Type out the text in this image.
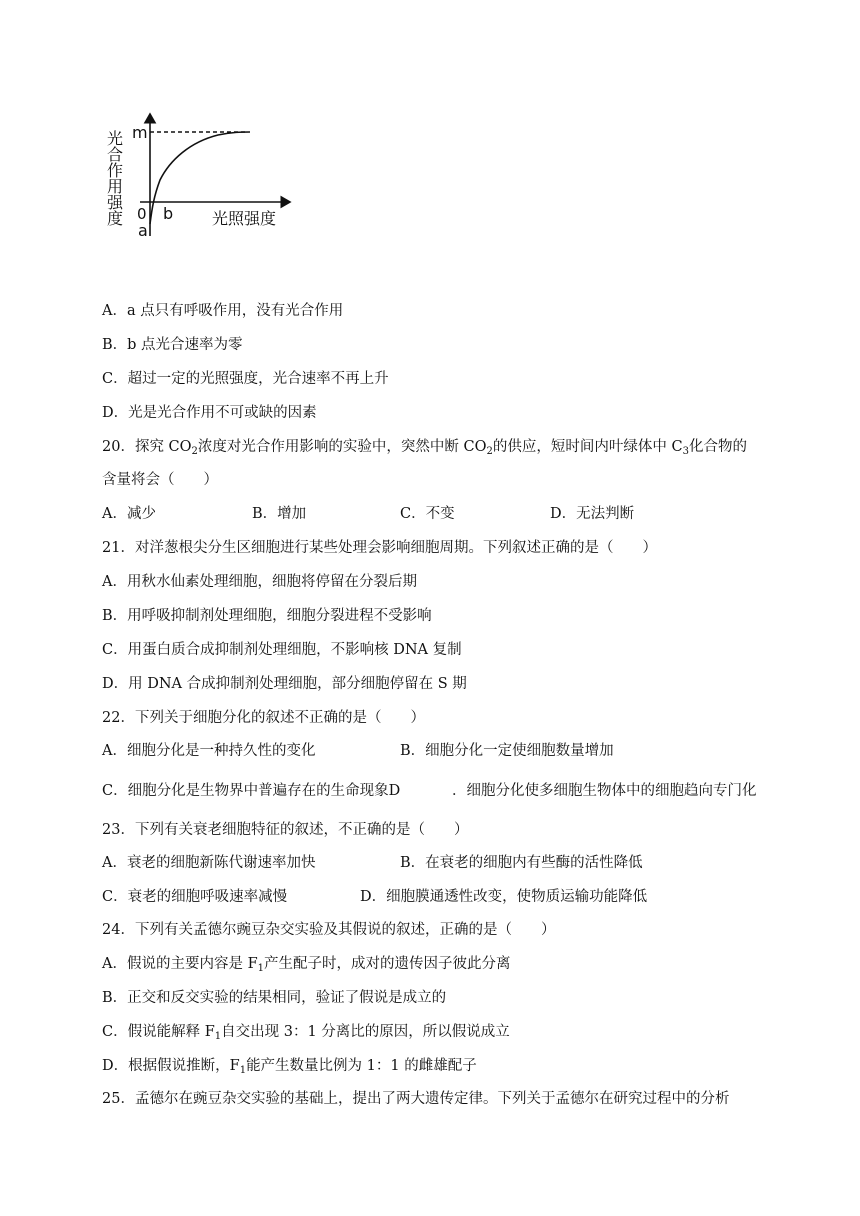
光合作用强度 m
0 b
a
光照强度
A．a 点只有呼吸作用，没有光合作用
B．b 点光合速率为零
C．超过一定的光照强度，光合速率不再上升
D．光是光合作用不可或缺的因素
20．探究 $CO_2$浓度对光合作用影响的实验中，突然中断 $CO_2$的供应，短时间内叶绿体中 $C_3$化合物的
含量将会（　　）
A．减少	B．增加	C．不变	D．无法判断
21．对洋葱根尖分生区细胞进行某些处理会影响细胞周期。下列叙述正确的是（　　）
A．用秋水仙素处理细胞，细胞将停留在分裂后期
B．用呼吸抑制剂处理细胞，细胞分裂进程不受影响
C．用蛋白质合成抑制剂处理细胞，不影响核 DNA 复制
D．用 DNA 合成抑制剂处理细胞，部分细胞停留在 S 期
22．下列关于细胞分化的叙述不正确的是（　　）
A．细胞分化是一种持久性的变化	B．细胞分化一定使细胞数量增加
C．细胞分化是生物界中普遍存在的生命现象D	．细胞分化使多细胞生物体中的细胞趋向专门化
23．下列有关衰老细胞特征的叙述，不正确的是（　　）
A．衰老的细胞新陈代谢速率加快	B．在衰老的细胞内有些酶的活性降低
C．衰老的细胞呼吸速率减慢	D．细胞膜通透性改变，使物质运输功能降低
24．下列有关孟德尔豌豆杂交实验及其假说的叙述，正确的是（　　）
A．假说的主要内容是 $F_1$产生配子时，成对的遗传因子彼此分离
B．正交和反交实验的结果相同，验证了假说是成立的
C．假说能解释 $F_1$自交出现 3：1 分离比的原因，所以假说成立
D．根据假说推断，$F_1$能产生数量比例为 1：1 的雌雄配子
25．孟德尔在豌豆杂交实验的基础上，提出了两大遗传定律。下列关于孟德尔在研究过程中的分析
